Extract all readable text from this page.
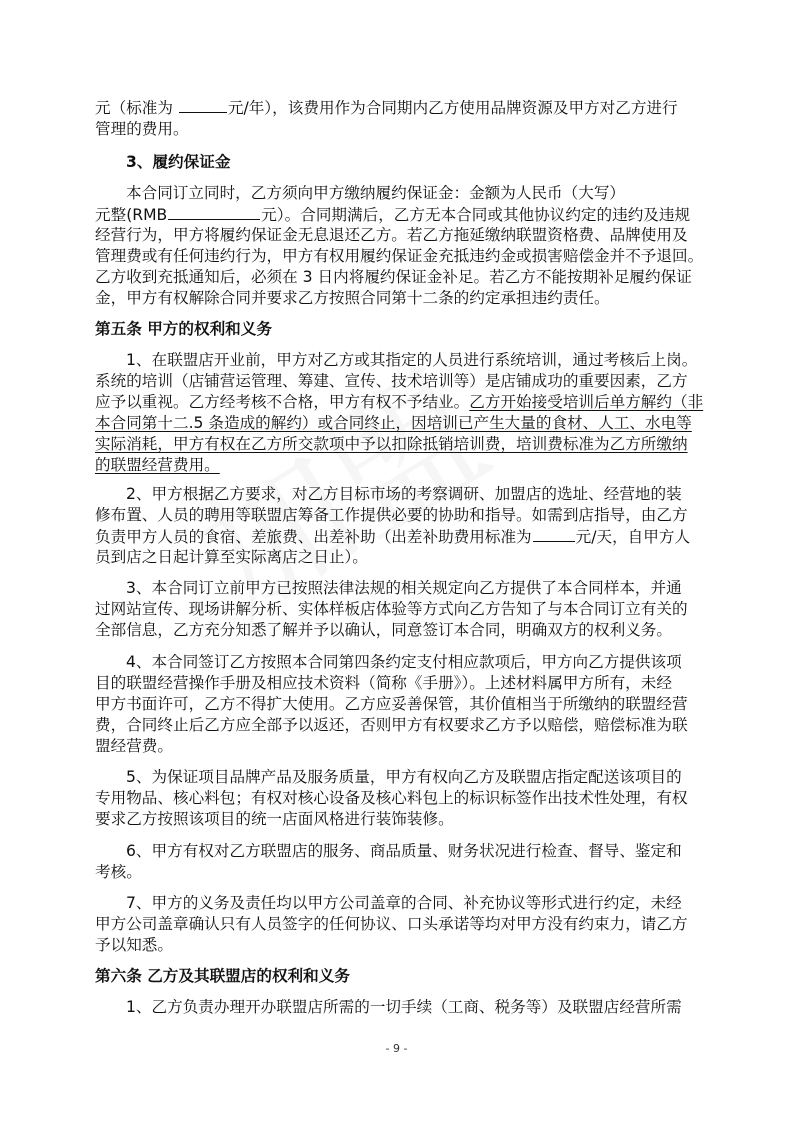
元（标准为	元/年），该费用作为合同期内乙方使用品牌资源及甲方对乙方进行
管理的费用。
3、履约保证金
本合同订立同时，乙方须向甲方缴纳履约保证金：金额为人民币（大写）
元整(RMB	元）。合同期满后，乙方无本合同或其他协议约定的违约及违规
经营行为，甲方将履约保证金无息退还乙方。若乙方拖延缴纳联盟资格费、品牌使用及
管理费或有任何违约行为，甲方有权用履约保证金充抵违约金或损害赔偿金并不予退回。
乙方收到充抵通知后，必须在 3 日内将履约保证金补足。若乙方不能按期补足履约保证
金，甲方有权解除合同并要求乙方按照合同第十二条的约定承担违约责任。
第五条 甲方的权利和义务
1、在联盟店开业前，甲方对乙方或其指定的人员进行系统培训，通过考核后上岗。
系统的培训（店铺营运管理、筹建、宣传、技术培训等）是店铺成功的重要因素，乙方
应予以重视。乙方经考核不合格，甲方有权不予结业。乙方开始接受培训后单方解约（非
本合同第十二.5 条造成的解约）或合同终止，因培训已产生大量的食材、人工、水电等
实际消耗，甲方有权在乙方所交款项中予以扣除抵销培训费，培训费标准为乙方所缴纳
的联盟经营费用。
2、甲方根据乙方要求，对乙方目标市场的考察调研、加盟店的选址、经营地的装
修布置、人员的聘用等联盟店筹备工作提供必要的协助和指导。如需到店指导，由乙方
负责甲方人员的食宿、差旅费、出差补助（出差补助费用标准为	元/天，自甲方人
员到店之日起计算至实际离店之日止）。
3、本合同订立前甲方已按照法律法规的相关规定向乙方提供了本合同样本，并通
过网站宣传、现场讲解分析、实体样板店体验等方式向乙方告知了与本合同订立有关的
全部信息，乙方充分知悉了解并予以确认，同意签订本合同，明确双方的权利义务。
4、本合同签订乙方按照本合同第四条约定支付相应款项后，甲方向乙方提供该项
目的联盟经营操作手册及相应技术资料（简称《手册》）。上述材料属甲方所有，未经
甲方书面许可，乙方不得扩大使用。乙方应妥善保管，其价值相当于所缴纳的联盟经营
费，合同终止后乙方应全部予以返还，否则甲方有权要求乙方予以赔偿，赔偿标准为联
盟经营费。
5、为保证项目品牌产品及服务质量，甲方有权向乙方及联盟店指定配送该项目的
专用物品、核心料包；有权对核心设备及核心料包上的标识标签作出技术性处理，有权
要求乙方按照该项目的统一店面风格进行装饰装修。
6、甲方有权对乙方联盟店的服务、商品质量、财务状况进行检查、督导、鉴定和
考核。
7、甲方的义务及责任均以甲方公司盖章的合同、补充协议等形式进行约定，未经
甲方公司盖章确认只有人员签字的任何协议、口头承诺等均对甲方没有约束力，请乙方
予以知悉。
第六条 乙方及其联盟店的权利和义务
1、乙方负责办理开办联盟店所需的一切手续（工商、税务等）及联盟店经营所需
- 9 -
